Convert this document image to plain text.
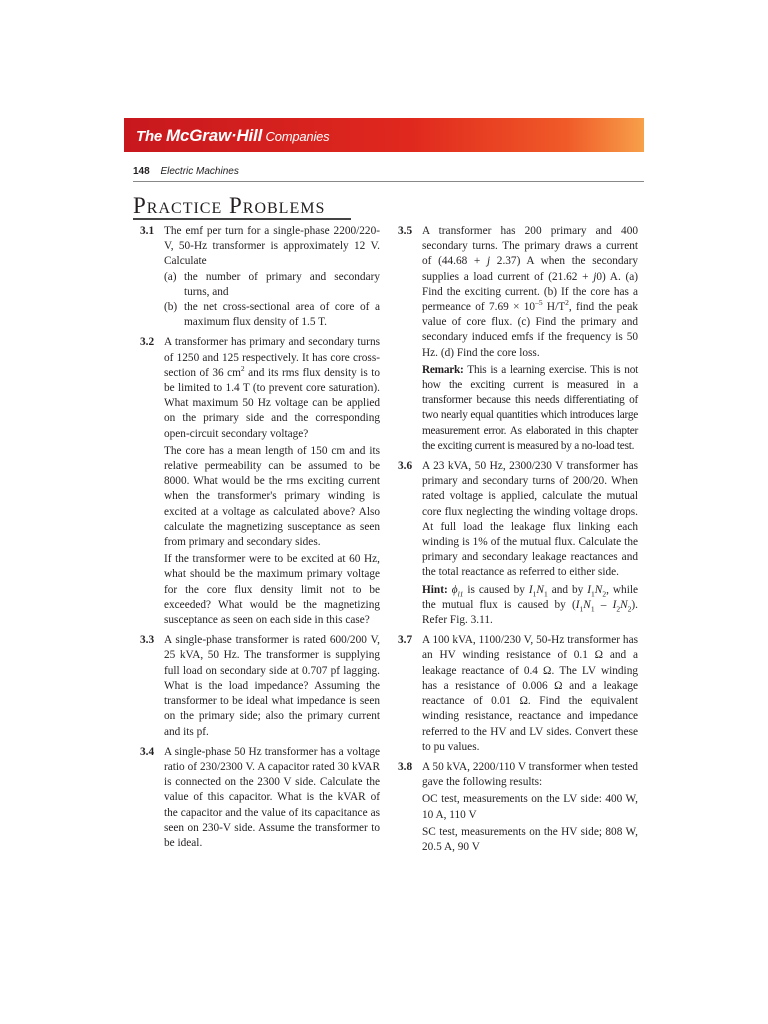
The McGraw·Hill Companies
148 Electric Machines
Practice Problems
3.1 The emf per turn for a single-phase 2200/220-V, 50-Hz transformer is approximately 12 V. Calculate

(a) the number of primary and secondary turns, and
(b) the net cross-sectional area of core of a maximum flux density of 1.5 T.
3.2 A transformer has primary and secondary turns of 1250 and 125 respectively. It has core cross-section of 36 $cm^2$ and its rms flux density is to be limited to 1.4 T (to prevent core saturation). What maximum 50 Hz voltage can be applied on the primary side and the corresponding open-circuit secondary voltage?

The core has a mean length of 150 cm and its relative permeability can be assumed to be 8000. What would be the rms exciting current when the transformer's primary winding is excited at a voltage as calculated above? Also calculate the magnetizing susceptance as seen from primary and secondary sides.

If the transformer were to be excited at 60 Hz, what should be the maximum primary voltage for the core flux density limit not to be exceeded? What would be the magnetizing susceptance as seen on each side in this case?

3.3 A single-phase transformer is rated 600/200 V, 25 kVA, 50 Hz. The transformer is supplying full load on secondary side at 0.707 pf lagging. What is the load impedance? Assuming the transformer to be ideal what impedance is seen on the primary side; also the primary current and its pf.

3.4 A single-phase 50 Hz transformer has a voltage ratio of 230/2300 V. A capacitor rated 30 kVAR is connected on the 2300 V side. Calculate the value of this capacitor. What is the kVAR of the capacitor and the value of its capacitance as seen on 230-V side. Assume the transformer to be ideal.

3.5 A transformer has 200 primary and 400 secondary turns. The primary draws a current of (44.68 + j 2.37) A when the secondary supplies a load current of (21.62 + j0) A. (a) Find the exciting current. (b) If the core has a permeance of $7.69 \times 10^{-5}$ $H/T^2$, find the peak value of core flux. (c) Find the primary and secondary induced emfs if the frequency is 50 Hz. (d) Find the core loss.

Remark: This is a learning exercise. This is not how the exciting current is measured in a transformer because this needs differentiating of two nearly equal quantities which introduces large measurement error. As elaborated in this chapter the exciting current is measured by a no-load test.

3.6 A 23 kVA, 50 Hz, 2300/230 V transformer has primary and secondary turns of 200/20. When rated voltage is applied, calculate the mutual core flux neglecting the winding voltage drops. At full load the leakage flux linking each winding is 1% of the mutual flux. Calculate the primary and secondary leakage reactances and the total reactance as referred to either side.

Hint: $\phi_{l1}$ is caused by $I_1N_1$ and by $I_1N_2$, while the mutual flux is caused by $(I_1N_1 - I_2N_2)$. Refer Fig. 3.11.

3.7 A 100 kVA, 1100/230 V, 50-Hz transformer has an HV winding resistance of 0.1 Ω and a leakage reactance of 0.4 Ω. The LV winding has a resistance of 0.006 Ω and a leakage reactance of 0.01 Ω. Find the equivalent winding resistance, reactance and impedance referred to the HV and LV sides. Convert these to pu values.

3.8 A 50 kVA, 2200/110 V transformer when tested gave the following results:

OC test, measurements on the LV side: 400 W, 10 A, 110 V

SC test, measurements on the HV side; 808 W, 20.5 A, 90 V
